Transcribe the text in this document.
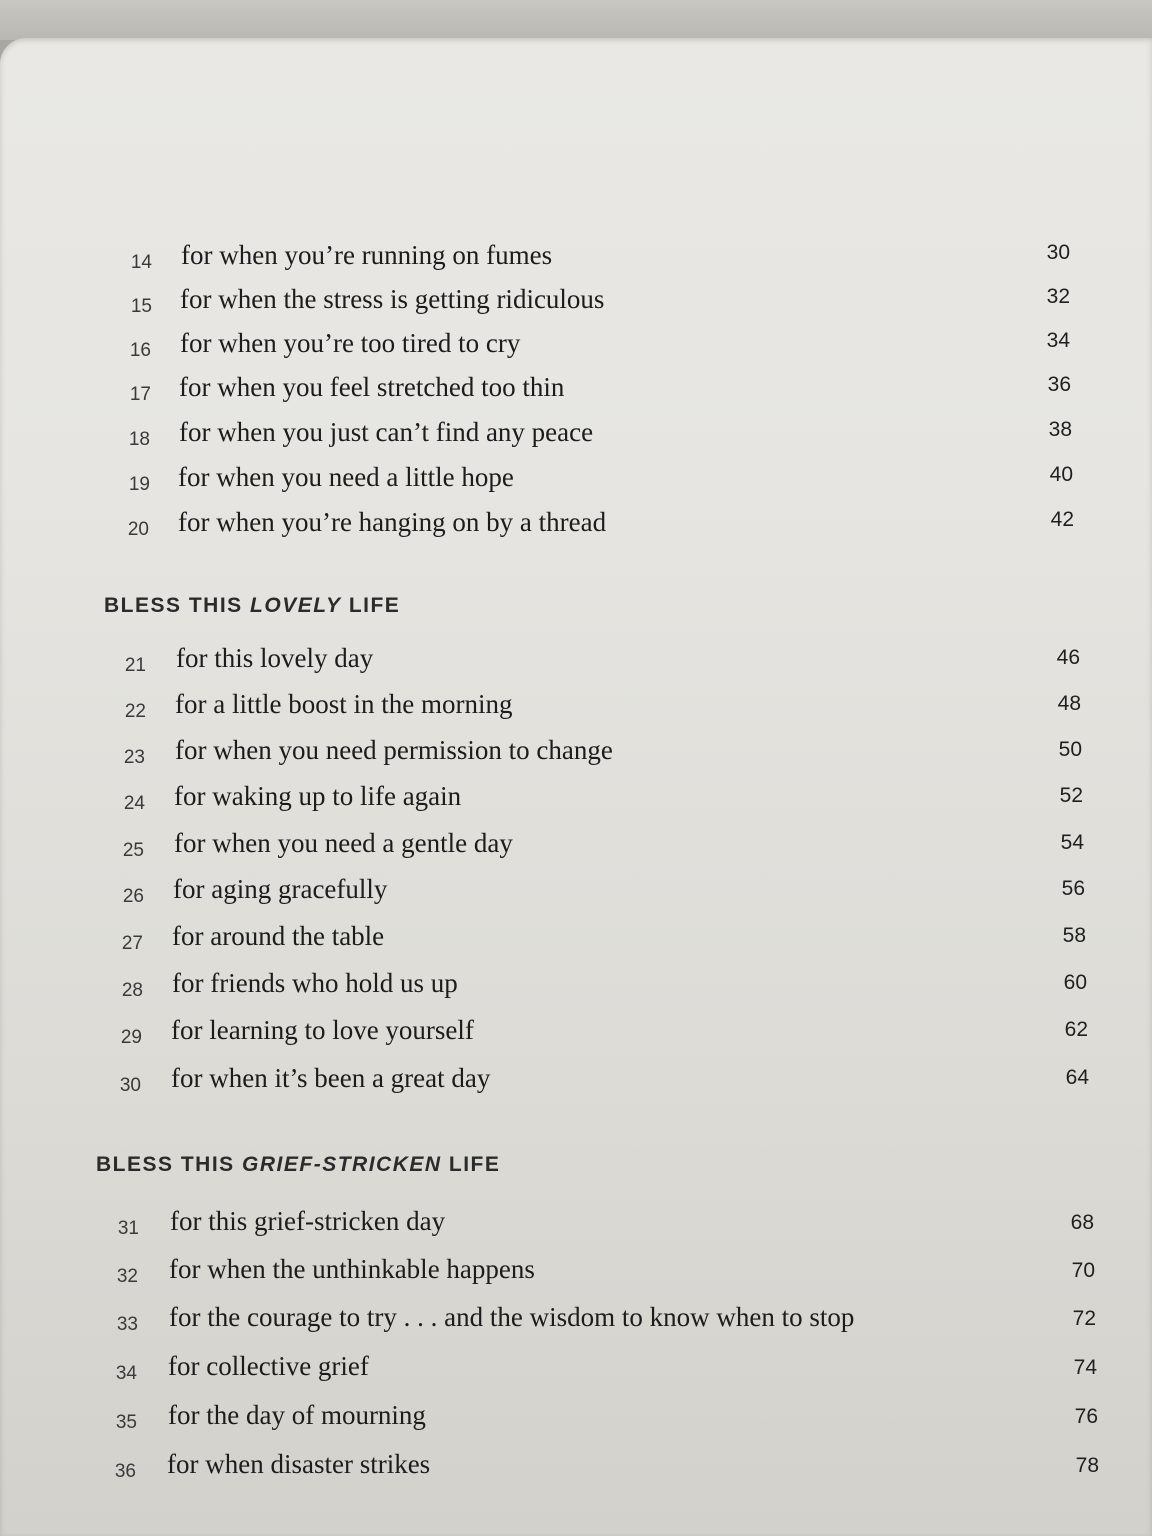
14 for when you’re running on fumes	30
15 for when the stress is getting ridiculous	32
16 for when you’re too tired to cry	34
17 for when you feel stretched too thin	36
18 for when you just can’t find any peace	38
19 for when you need a little hope	40
20 for when you’re hanging on by a thread	42
BLESS THIS LOVELY LIFE
21 for this lovely day	46
22 for a little boost in the morning	48
23 for when you need permission to change	50
24 for waking up to life again	52
25 for when you need a gentle day	54
26 for aging gracefully	56
27 for around the table	58
28 for friends who hold us up	60
29 for learning to love yourself	62
30 for when it’s been a great day	64
BLESS THIS GRIEF-STRICKEN LIFE
31 for this grief-stricken day	68
32 for when the unthinkable happens	70
33 for the courage to try . . . and the wisdom to know when to stop	72
34 for collective grief	74
35 for the day of mourning	76
36 for when disaster strikes	78
